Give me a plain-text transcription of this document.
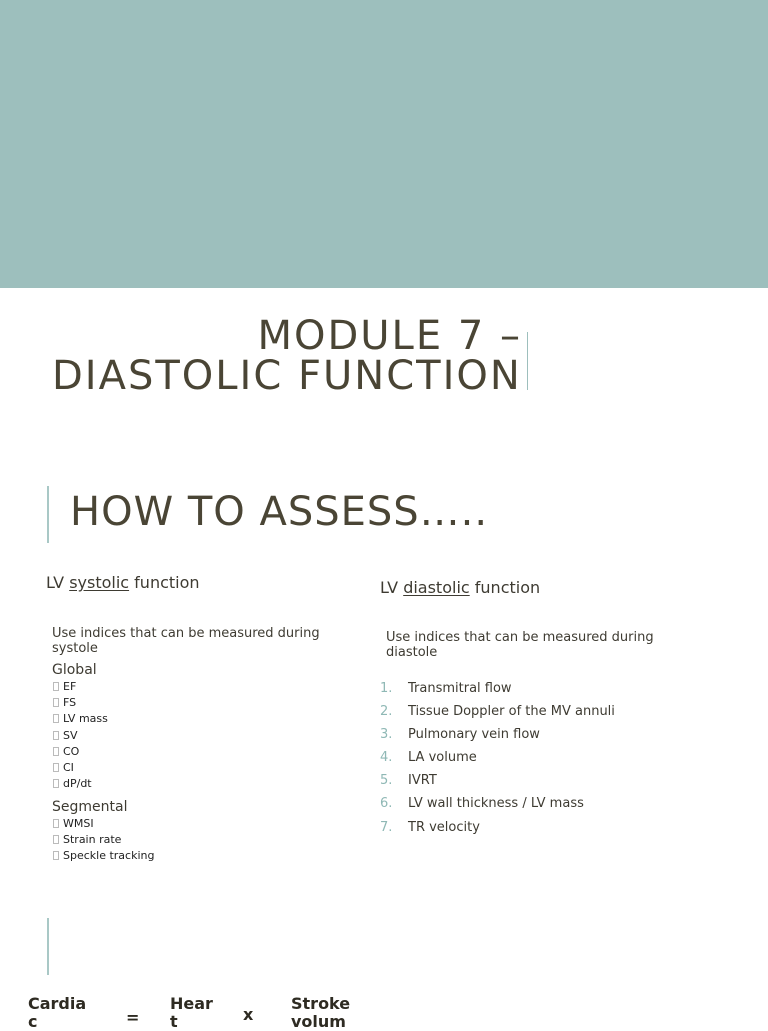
MODULE 7 –
DIASTOLIC FUNCTION
HOW TO ASSESS…..
LV systolic function
Use indices that can be measured during systole
Global
EF
FS
LV mass
SV
CO
CI
dP/dt
Segmental
WMSI
Strain rate
Speckle tracking
LV diastolic function
Use indices that can be measured during diastole
1. Transmitral flow
2. Tissue Doppler of the MV annuli
3. Pulmonary vein flow
4. LA volume
5. IVRT
6. LV wall thickness / LV mass
7. TR velocity
Cardia c	=
Hear t	x
Stroke volum
